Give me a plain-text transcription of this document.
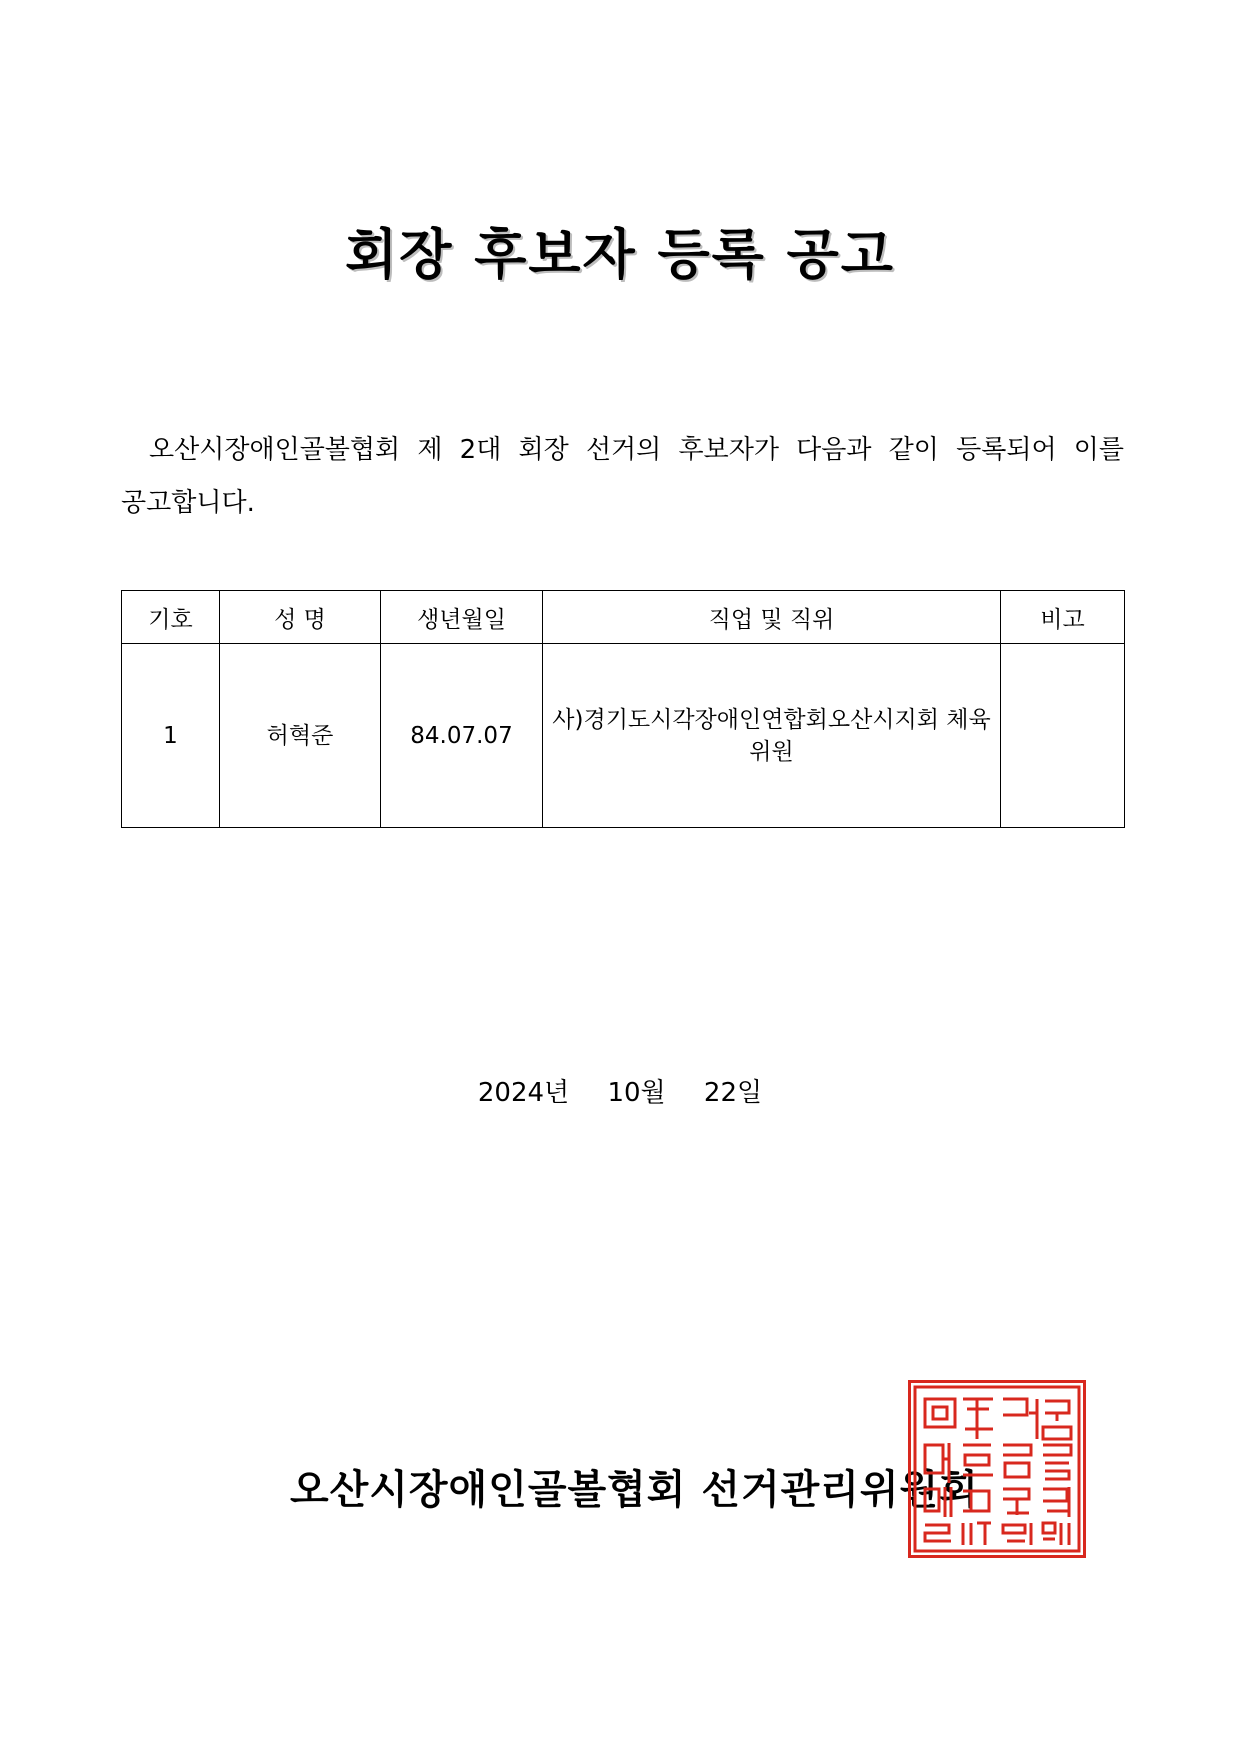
회장 후보자 등록 공고

오산시장애인골볼협회 제 2대 회장 선거의 후보자가 다음과 같이 등록되어 이를 공고합니다.

기호	성 명	생년월일	직업 및 직위	비고
1	허혁준	84.07.07	사)경기도시각장애인연합회오산시지회 체육위원	

2024년 10월 22일

오산시장애인골볼협회 선거관리위원회
